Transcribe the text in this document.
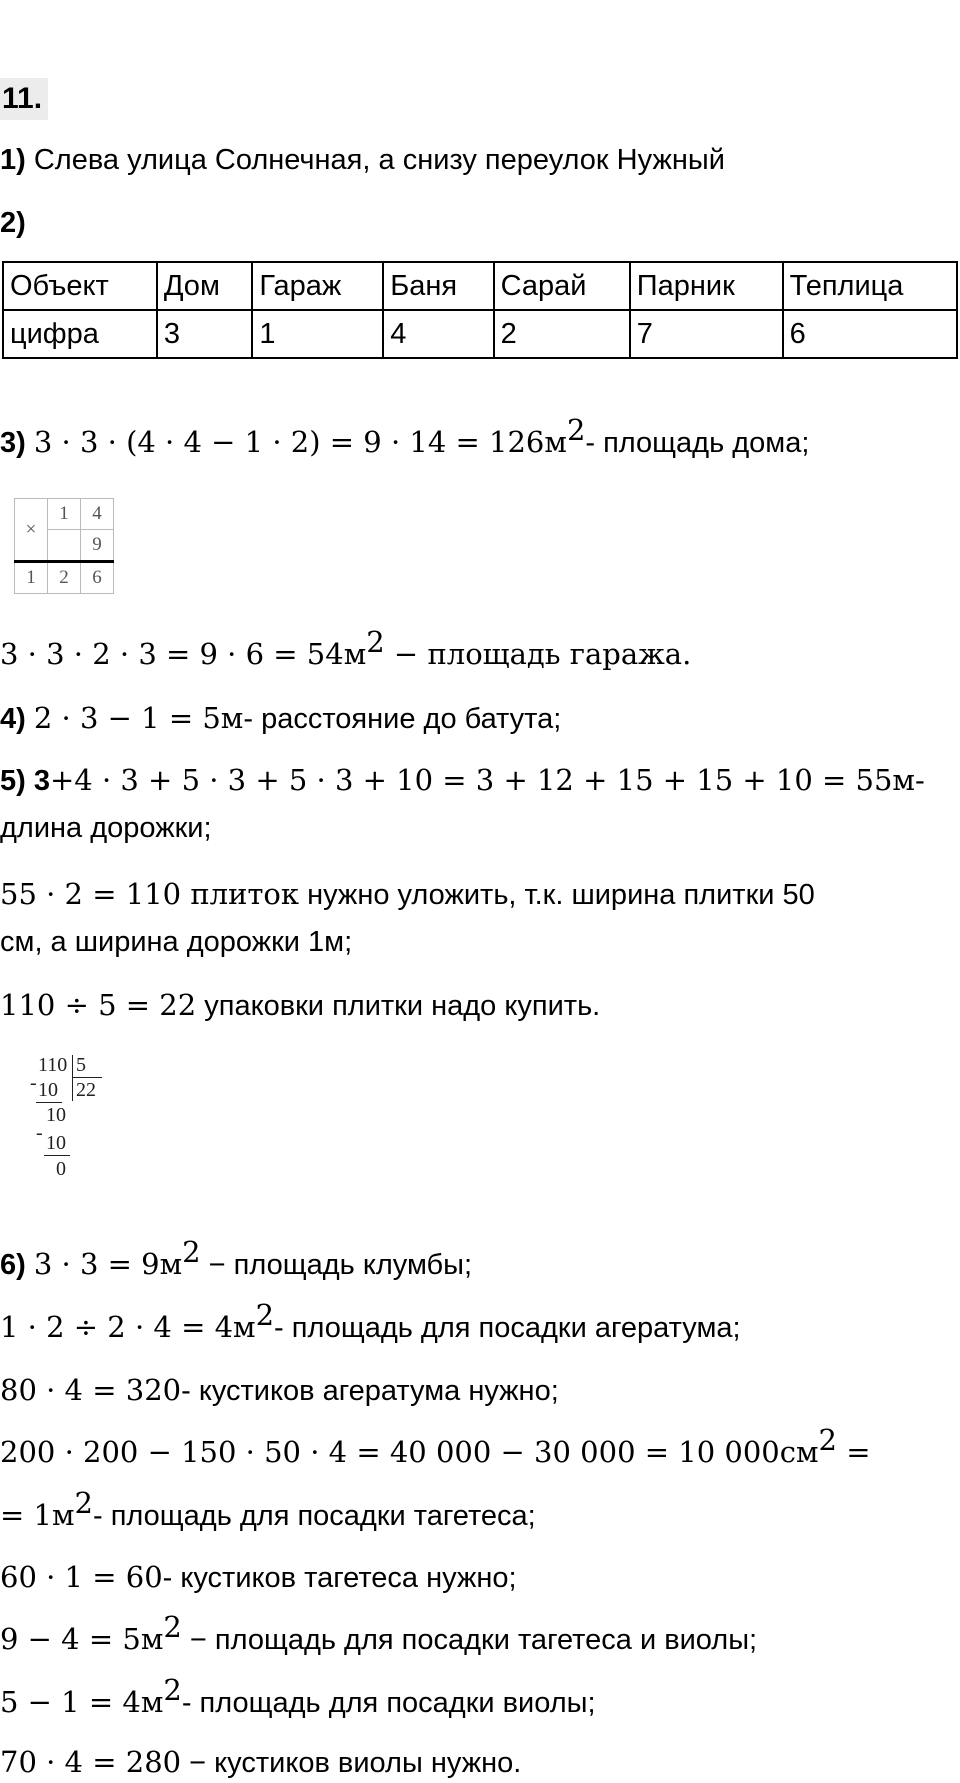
11.
1) Слева улица Солнечная, а снизу переулок Нужный
2)
Объект	Дом	Гараж	Баня	Сарай	Парник	Теплица
цифра	3	1	4	2	7	6
3) $3 \cdot 3 \cdot (4 \cdot 4 - 1 \cdot 2) = 9 \cdot 14 = 126м^2-$ площадь дома;
×	1	4
		9
1	2	6
$3 \cdot 3 \cdot 2 \cdot 3 = 9 \cdot 6 = 54м^2$ − площадь гаража.
4) 2 · 3 − 1 = 5м- расстояние до батута;
5) 3+4 · 3 + 5 · 3 + 5 · 3 + 10 = 3 + 12 + 15 + 15 + 10 = 55м-
длина дорожки;
55 · 2 = 110 плиток нужно уложить, т.к. ширина плитки 50
см, а ширина дорожки 1м;
110 ÷ 5 = 22 упаковки плитки надо купить.
110 5
22
- 10
10
- 10
0
6) $3 \cdot 3 = 9м^2$ − площадь клумбы;
$1 \cdot 2 \div 2 \cdot 4 = 4м^2-$ площадь для посадки агератума;
80 · 4 = 320- кустиков агератума нужно;
200 · 200 − 150 · 50 · 4 = 40 000 − 30 000 = 10 $000см^2$ =
= $1м^2-$ площадь для посадки тагетеса;
60 · 1 = 60- кустиков тагетеса нужно;
$9 - 4 = 5м^2$ − площадь для посадки тагетеса и виолы;
$5 - 1 = 4м^2-$ площадь для посадки виолы;
70 · 4 = 280 − кустиков виолы нужно.
